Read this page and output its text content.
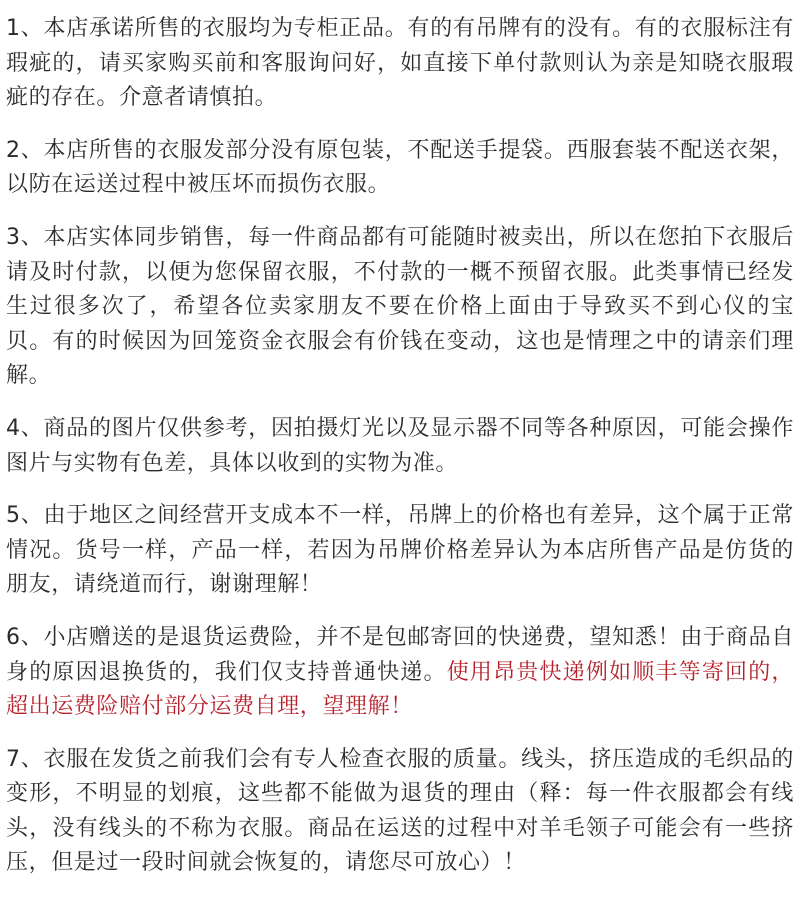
1、本店承诺所售的衣服均为专柜正品。有的有吊牌有的没有。有的衣服标注有瑕疵的，请买家购买前和客服询问好，如直接下单付款则认为亲是知晓衣服瑕疵的存在。介意者请慎拍。

2、本店所售的衣服发部分没有原包装，不配送手提袋。西服套装不配送衣架，以防在运送过程中被压坏而损伤衣服。

3、本店实体同步销售，每一件商品都有可能随时被卖出，所以在您拍下衣服后请及时付款，以便为您保留衣服，不付款的一概不预留衣服。此类事情已经发生过很多次了，希望各位卖家朋友不要在价格上面由于导致买不到心仪的宝贝。有的时候因为回笼资金衣服会有价钱在变动，这也是情理之中的请亲们理解。

4、商品的图片仅供参考，因拍摄灯光以及显示器不同等各种原因，可能会操作图片与实物有色差，具体以收到的实物为准。

5、由于地区之间经营开支成本不一样，吊牌上的价格也有差异，这个属于正常情况。货号一样，产品一样，若因为吊牌价格差异认为本店所售产品是仿货的朋友，请绕道而行，谢谢理解！

6、小店赠送的是退货运费险，并不是包邮寄回的快递费，望知悉！由于商品自身的原因退换货的，我们仅支持普通快递。使用昂贵快递例如顺丰等寄回的，超出运费险赔付部分运费自理，望理解！

7、衣服在发货之前我们会有专人检查衣服的质量。线头，挤压造成的毛织品的变形，不明显的划痕，这些都不能做为退货的理由（释：每一件衣服都会有线头，没有线头的不称为衣服。商品在运送的过程中对羊毛领子可能会有一些挤压，但是过一段时间就会恢复的，请您尽可放心）！
